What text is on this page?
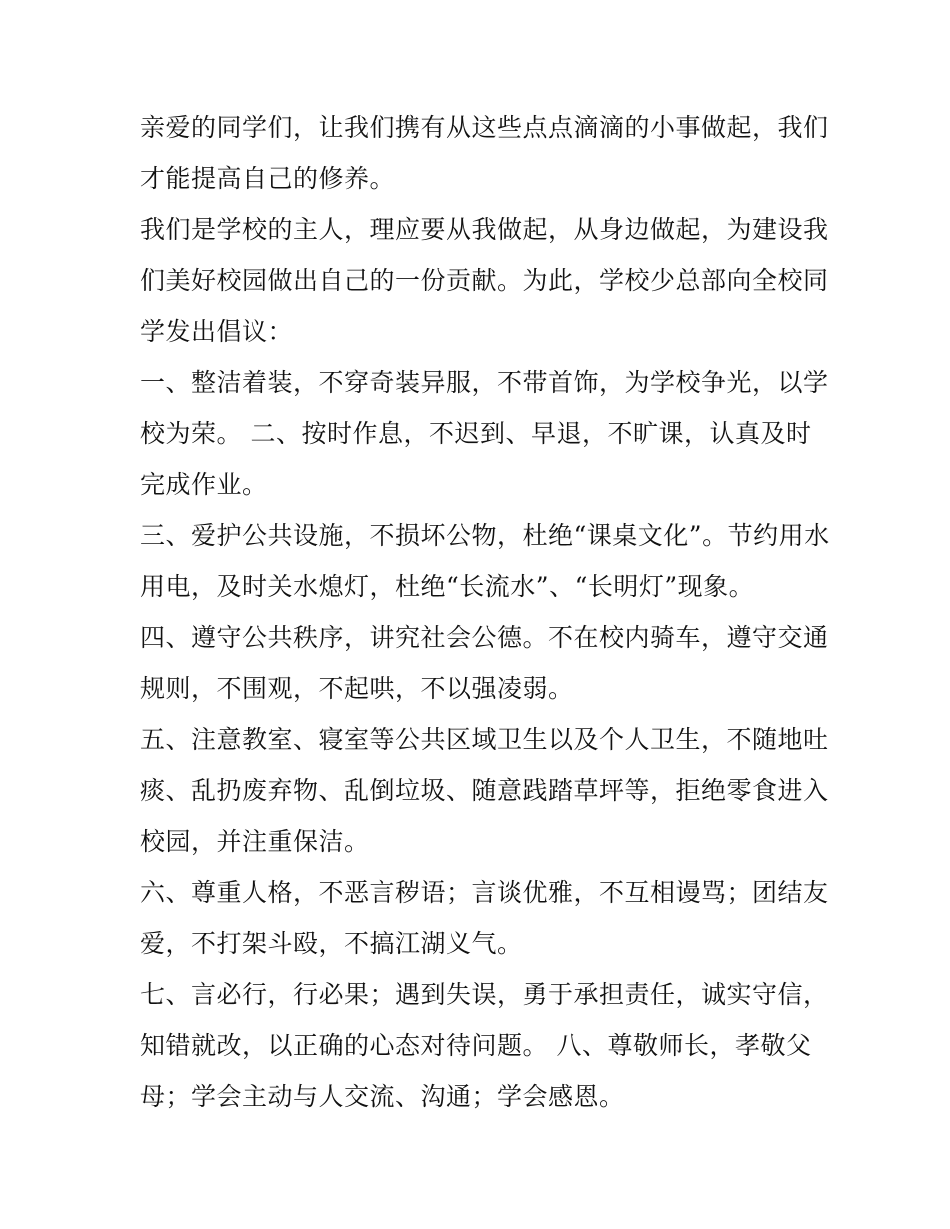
亲爱的同学们，让我们携有从这些点点滴滴的小事做起，我们
才能提高自己的修养。
我们是学校的主人，理应要从我做起，从身边做起，为建设我
们美好校园做出自己的一份贡献。为此，学校少总部向全校同
学发出倡议：
一、整洁着装，不穿奇装异服，不带首饰，为学校争光，以学
校为荣。 二、按时作息，不迟到、早退，不旷课，认真及时
完成作业。
三、爱护公共设施，不损坏公物，杜绝“课桌文化”。节约用水
用电，及时关水熄灯，杜绝“长流水”、“长明灯”现象。
四、遵守公共秩序，讲究社会公德。不在校内骑车，遵守交通
规则，不围观，不起哄，不以强凌弱。
五、注意教室、寝室等公共区域卫生以及个人卫生，不随地吐
痰、乱扔废弃物、乱倒垃圾、随意践踏草坪等，拒绝零食进入
校园，并注重保洁。
六、尊重人格，不恶言秽语；言谈优雅，不互相谩骂；团结友
爱，不打架斗殴，不搞江湖义气。
七、言必行，行必果；遇到失误，勇于承担责任，诚实守信，
知错就改，以正确的心态对待问题。 八、尊敬师长，孝敬父
母；学会主动与人交流、沟通；学会感恩。
